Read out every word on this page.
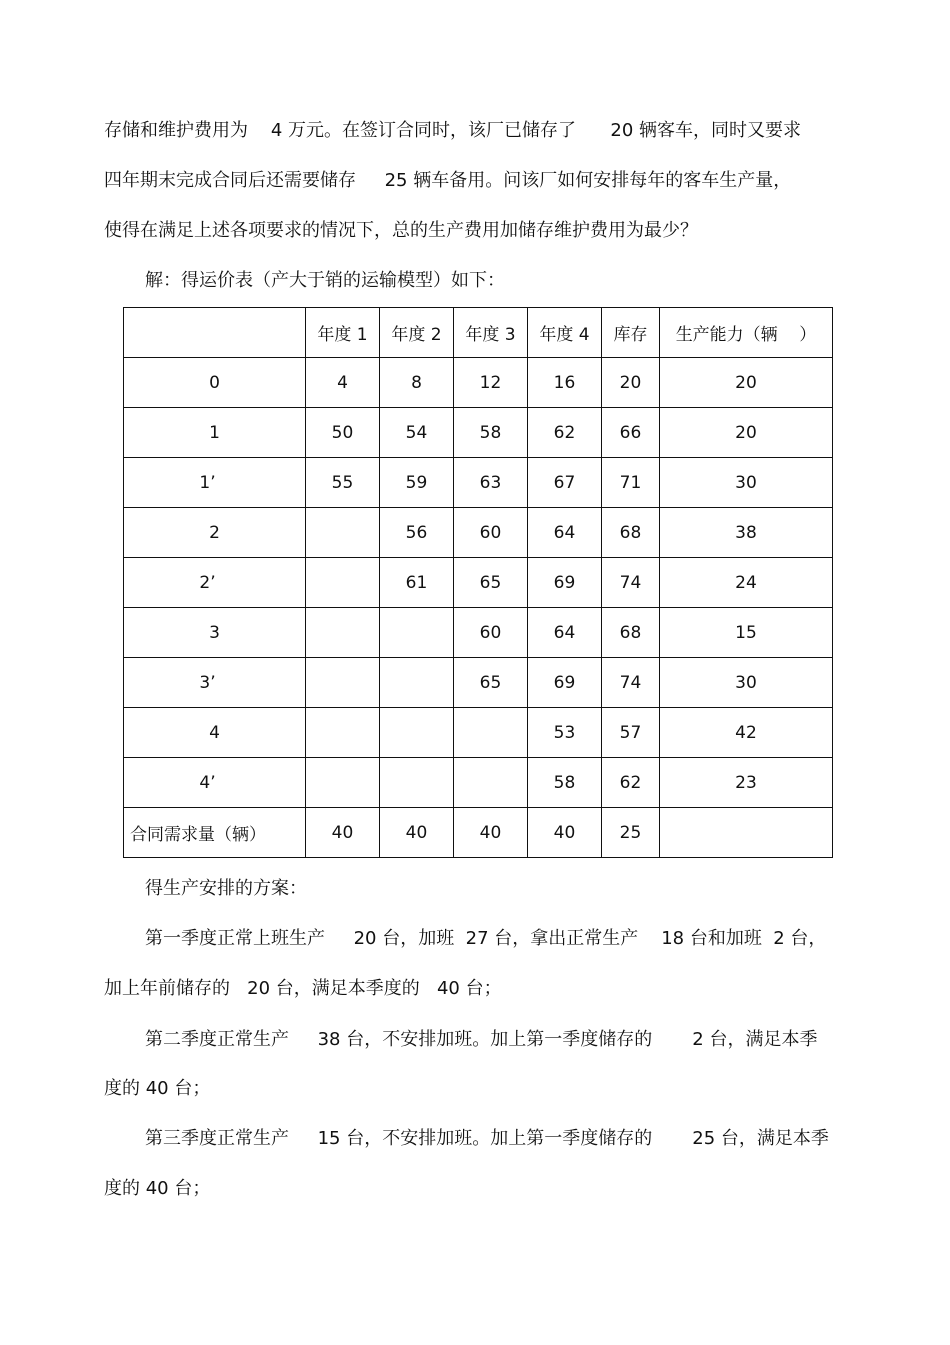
存储和维护费用为    4 万元。在签订合同时，该厂已储存了      20 辆客车，同时又要求

四年期末完成合同后还需要储存     25 辆车备用。问该厂如何安排每年的客车生产量，

使得在满足上述各项要求的情况下，总的生产费用加储存维护费用为最少？

解：得运价表（产大于销的运输模型）如下：

	年度 1	年度 2	年度 3	年度 4	库存	生产能力（辆    ）
0	4	8	12	16	20	20
1	50	54	58	62	66	20
1’	55	59	63	67	71	30
2		56	60	64	68	38
2’		61	65	69	74	24
3			60	64	68	15
3’			65	69	74	30
4				53	57	42
4’				58	62	23
合同需求量（辆）	40	40	40	40	25	

得生产安排的方案：

第一季度正常上班生产     20 台，加班  27 台，拿出正常生产    18 台和加班  2 台，

加上年前储存的   20 台，满足本季度的   40 台；

第二季度正常生产     38 台，不安排加班。加上第一季度储存的       2 台，满足本季

度的 40 台；

第三季度正常生产     15 台，不安排加班。加上第一季度储存的       25 台，满足本季

度的 40 台；
